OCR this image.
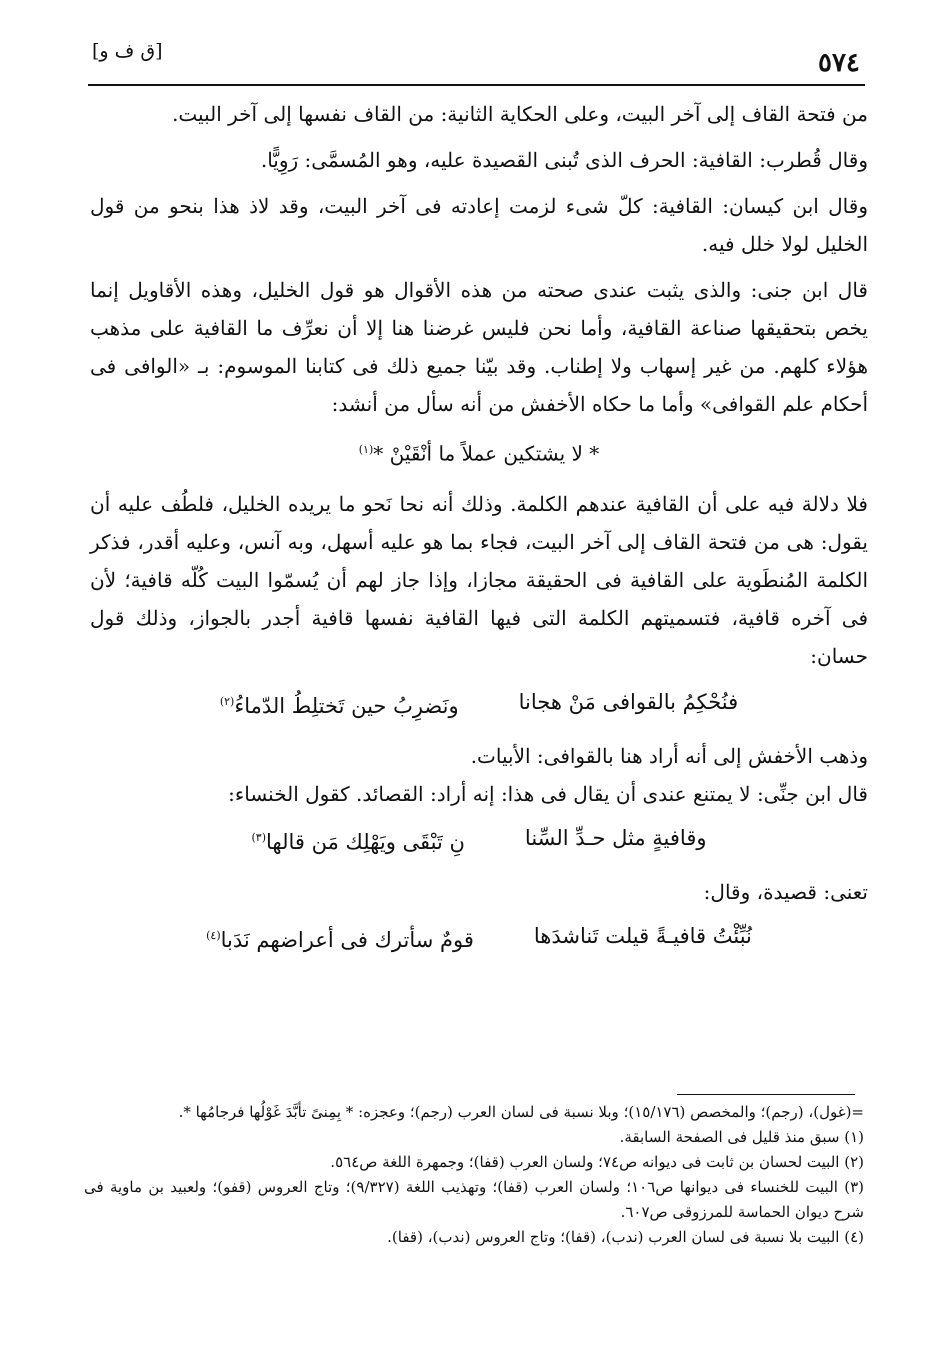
[ق ف و]	٥٧٤

من فتحة القاف إلى آخر البيت، وعلى الحكاية الثانية: من القاف نفسها إلى آخر البيت.

وقال قُطرب: القافية: الحرف الذى تُبنى القصيدة عليه، وهو المُسمَّى: رَوِيًّا.

وقال ابن كيسان: القافية: كلّ شىء لزمت إعادته فى آخر البيت، وقد لاذ هذا بنحو من قول الخليل لولا خلل فيه.

قال ابن جنى: والذى يثبت عندى صحته من هذه الأقوال هو قول الخليل، وهذه الأقاويل إنما يخص بتحقيقها صناعة القافية، وأما نحن فليس غرضنا هنا إلا أن نعرِّف ما القافية على مذهب هؤلاء كلهم. من غير إسهاب ولا إطناب. وقد بيّنا جميع ذلك فى كتابنا الموسوم: بـ «الوافى فى أحكام علم القوافى» وأما ما حكاه الأخفش من أنه سأل من أنشد:

* لا يشتكين عملاً ما أنْقَيْنْ *$^{(١)}$

فلا دلالة فيه على أن القافية عندهم الكلمة. وذلك أنه نحا نَحو ما يريده الخليل، فلطُف عليه أن يقول: هى من فتحة القاف إلى آخر البيت، فجاء بما هو عليه أسهل، وبه آنس، وعليه أقدر، فذكر الكلمة المُنطَوية على القافية فى الحقيقة مجازا، وإذا جاز لهم أن يُسمّوا البيت كُلّه قافية؛ لأن فى آخره قافية، فتسميتهم الكلمة التى فيها القافية نفسها قافية أجدر بالجواز، وذلك قول حسان:

فنُحْكِمُ بالقوافى مَنْ هجانا
ونَضرِبُ حين تَختلِطُ الدّماءُ$^{(٢)}$

وذهب الأخفش إلى أنه أراد هنا بالقوافى: الأبيات.

قال ابن جنِّى: لا يمتنع عندى أن يقال فى هذا: إنه أراد: القصائد. كقول الخنساء:

وقافيةٍ مثل حـدِّ السِّنا
نِ تَبْقَى ويَهْلِك مَن قالها$^{(٣)}$

تعنى: قصيدة، وقال:

نُبِّئْتُ قافيـةً قيلت تَناشدَها
قومٌ سأترك فى أعراضهم نَدَبا$^{(٤)}$

=(غول)، (رجم)؛ والمخصص (١٥/١٧٦)؛ وبلا نسبة فى لسان العرب (رجم)؛ وعجزه: * بِمِنىً تأبَّدَ غَوْلُها فرجامُها *.

(١) سبق منذ قليل فى الصفحة السابقة.

(٢) البيت لحسان بن ثابت فى ديوانه ص٧٤؛ ولسان العرب (قفا)؛ وجمهرة اللغة ص٥٦٤.

(٣) البيت للخنساء فى ديوانها ص١٠٦؛ ولسان العرب (قفا)؛ وتهذيب اللغة (٩/٣٢٧)؛ وتاج العروس (قفو)؛ ولعبيد بن ماوية فى شرح ديوان الحماسة للمرزوقى ص٦٠٧.

(٤) البيت بلا نسبة فى لسان العرب (ندب)، (قفا)؛ وتاج العروس (ندب)، (قفا).
